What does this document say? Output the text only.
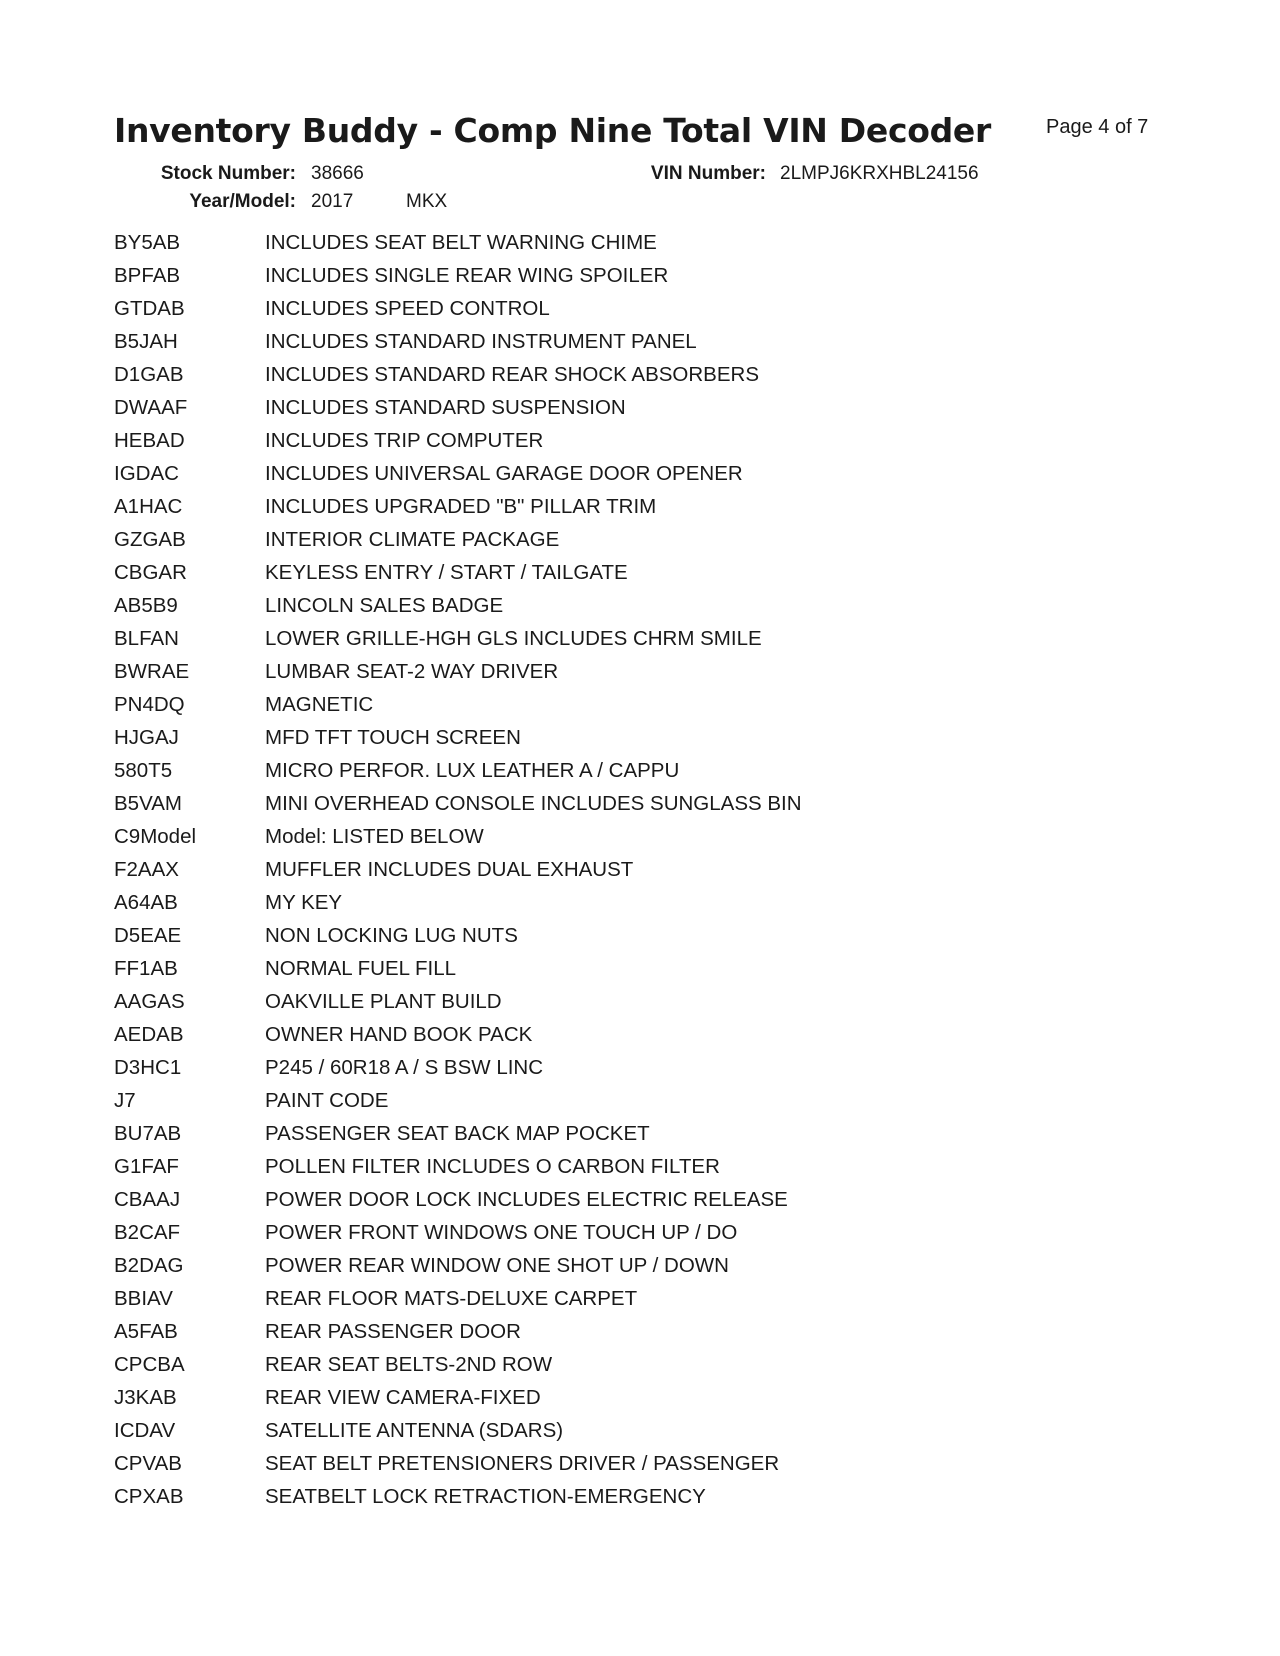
Inventory Buddy - Comp Nine Total VIN Decoder	Page 4 of 7
Stock Number: 38666	VIN Number: 2LMPJ6KRXHBL24156
Year/Model: 2017	MKX
BY5AB	INCLUDES SEAT BELT WARNING CHIME
BPFAB	INCLUDES SINGLE REAR WING SPOILER
GTDAB	INCLUDES SPEED CONTROL
B5JAH	INCLUDES STANDARD INSTRUMENT PANEL
D1GAB	INCLUDES STANDARD REAR SHOCK ABSORBERS
DWAAF	INCLUDES STANDARD SUSPENSION
HEBAD	INCLUDES TRIP COMPUTER
IGDAC	INCLUDES UNIVERSAL GARAGE DOOR OPENER
A1HAC	INCLUDES UPGRADED "B" PILLAR TRIM
GZGAB	INTERIOR CLIMATE PACKAGE
CBGAR	KEYLESS ENTRY / START / TAILGATE
AB5B9	LINCOLN SALES BADGE
BLFAN	LOWER GRILLE-HGH GLS INCLUDES CHRM SMILE
BWRAE	LUMBAR SEAT-2 WAY DRIVER
PN4DQ	MAGNETIC
HJGAJ	MFD TFT TOUCH SCREEN
580T5	MICRO PERFOR. LUX LEATHER A / CAPPU
B5VAM	MINI OVERHEAD CONSOLE INCLUDES SUNGLASS BIN
C9Model	Model: LISTED BELOW
F2AAX	MUFFLER INCLUDES DUAL EXHAUST
A64AB	MY KEY
D5EAE	NON LOCKING LUG NUTS
FF1AB	NORMAL FUEL FILL
AAGAS	OAKVILLE PLANT BUILD
AEDAB	OWNER HAND BOOK PACK
D3HC1	P245 / 60R18 A / S BSW LINC
J7	PAINT CODE
BU7AB	PASSENGER SEAT BACK MAP POCKET
G1FAF	POLLEN FILTER INCLUDES O CARBON FILTER
CBAAJ	POWER DOOR LOCK INCLUDES ELECTRIC RELEASE
B2CAF	POWER FRONT WINDOWS ONE TOUCH UP / DO
B2DAG	POWER REAR WINDOW ONE SHOT UP / DOWN
BBIAV	REAR FLOOR MATS-DELUXE CARPET
A5FAB	REAR PASSENGER DOOR
CPCBA	REAR SEAT BELTS-2ND ROW
J3KAB	REAR VIEW CAMERA-FIXED
ICDAV	SATELLITE ANTENNA (SDARS)
CPVAB	SEAT BELT PRETENSIONERS DRIVER / PASSENGER
CPXAB	SEATBELT LOCK RETRACTION-EMERGENCY
